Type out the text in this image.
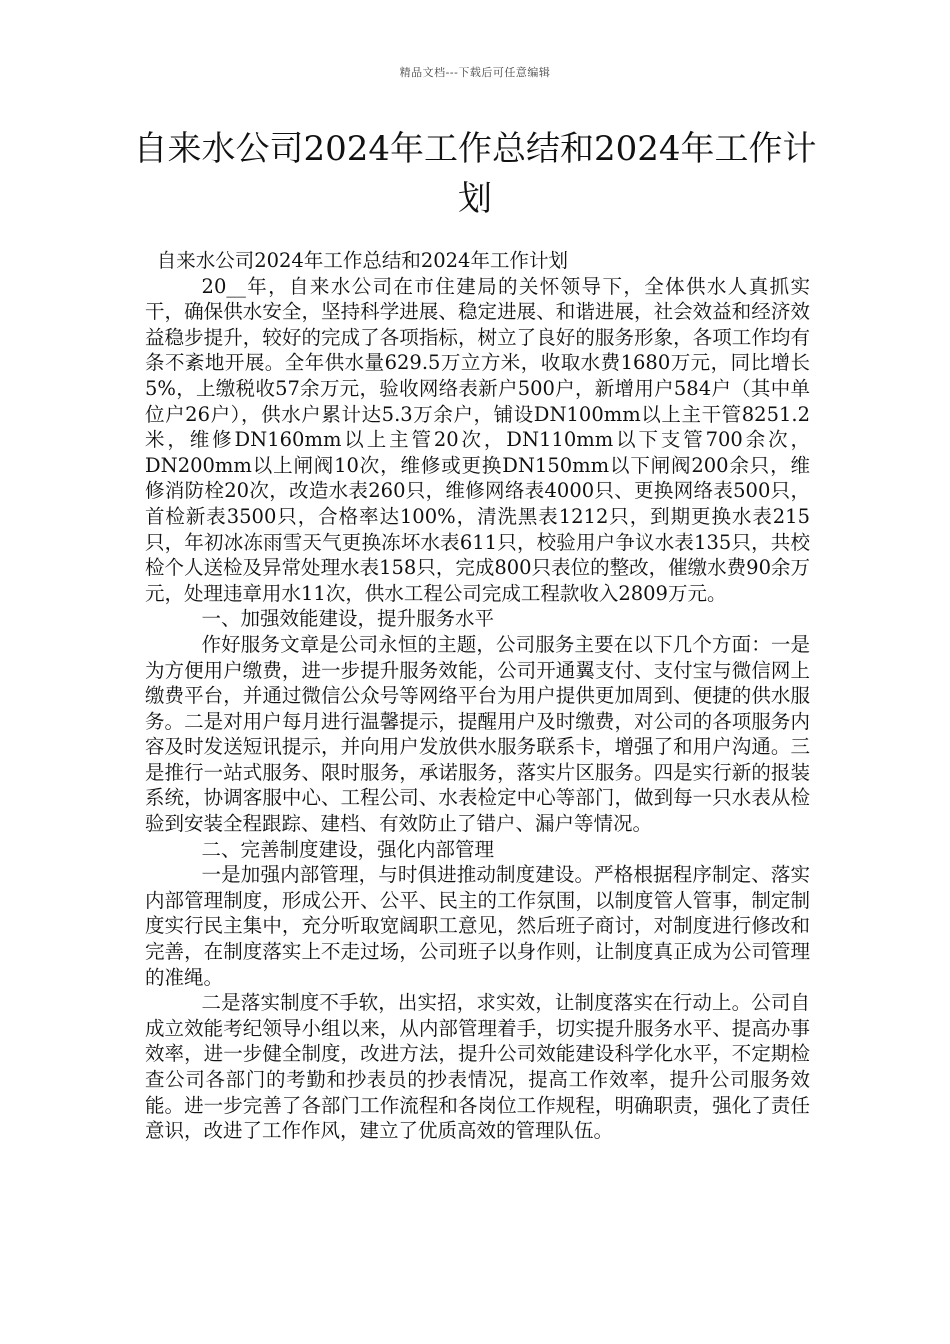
精品文档---下载后可任意编辑
自来水公司2024年工作总结和2024年工作计划

自来水公司2024年工作总结和2024年工作计划

20__年，自来水公司在市住建局的关怀领导下，全体供水人真抓实干，确保供水安全，坚持科学进展、稳定进展、和谐进展，社会效益和经济效益稳步提升，较好的完成了各项指标，树立了良好的服务形象，各项工作均有条不紊地开展。全年供水量629.5万立方米，收取水费1680万元，同比增长5%，上缴税收57余万元，验收网络表新户500户，新增用户584户（其中单位户26户），供水户累计达5.3万余户，铺设DN100mm以上主干管8251.2米，维修DN160mm以上主管20次，DN110mm以下支管700余次，DN200mm以上闸阀10次，维修或更换DN150mm以下闸阀200余只，维修消防栓20次，改造水表260只，维修网络表4000只、更换网络表500只，首检新表3500只，合格率达100%，清洗黑表1212只，到期更换水表215只，年初冰冻雨雪天气更换冻坏水表611只，校验用户争议水表135只，共校检个人送检及异常处理水表158只，完成800只表位的整改，催缴水费90余万元，处理违章用水11次，供水工程公司完成工程款收入2809万元。

一、加强效能建设，提升服务水平

作好服务文章是公司永恒的主题，公司服务主要在以下几个方面：一是为方便用户缴费，进一步提升服务效能，公司开通翼支付、支付宝与微信网上缴费平台，并通过微信公众号等网络平台为用户提供更加周到、便捷的供水服务。二是对用户每月进行温馨提示，提醒用户及时缴费，对公司的各项服务内容及时发送短讯提示，并向用户发放供水服务联系卡，增强了和用户沟通。三是推行一站式服务、限时服务，承诺服务，落实片区服务。四是实行新的报装系统，协调客服中心、工程公司、水表检定中心等部门，做到每一只水表从检验到安装全程跟踪、建档、有效防止了错户、漏户等情况。

二、完善制度建设，强化内部管理

一是加强内部管理，与时俱进推动制度建设。严格根据程序制定、落实内部管理制度，形成公开、公平、民主的工作氛围，以制度管人管事，制定制度实行民主集中，充分听取宽阔职工意见，然后班子商讨，对制度进行修改和完善，在制度落实上不走过场，公司班子以身作则，让制度真正成为公司管理的准绳。

二是落实制度不手软，出实招，求实效，让制度落实在行动上。公司自成立效能考纪领导小组以来，从内部管理着手，切实提升服务水平、提高办事效率，进一步健全制度，改进方法，提升公司效能建设科学化水平，不定期检查公司各部门的考勤和抄表员的抄表情况，提高工作效率，提升公司服务效能。进一步完善了各部门工作流程和各岗位工作规程，明确职责，强化了责任意识，改进了工作作风，建立了优质高效的管理队伍。
